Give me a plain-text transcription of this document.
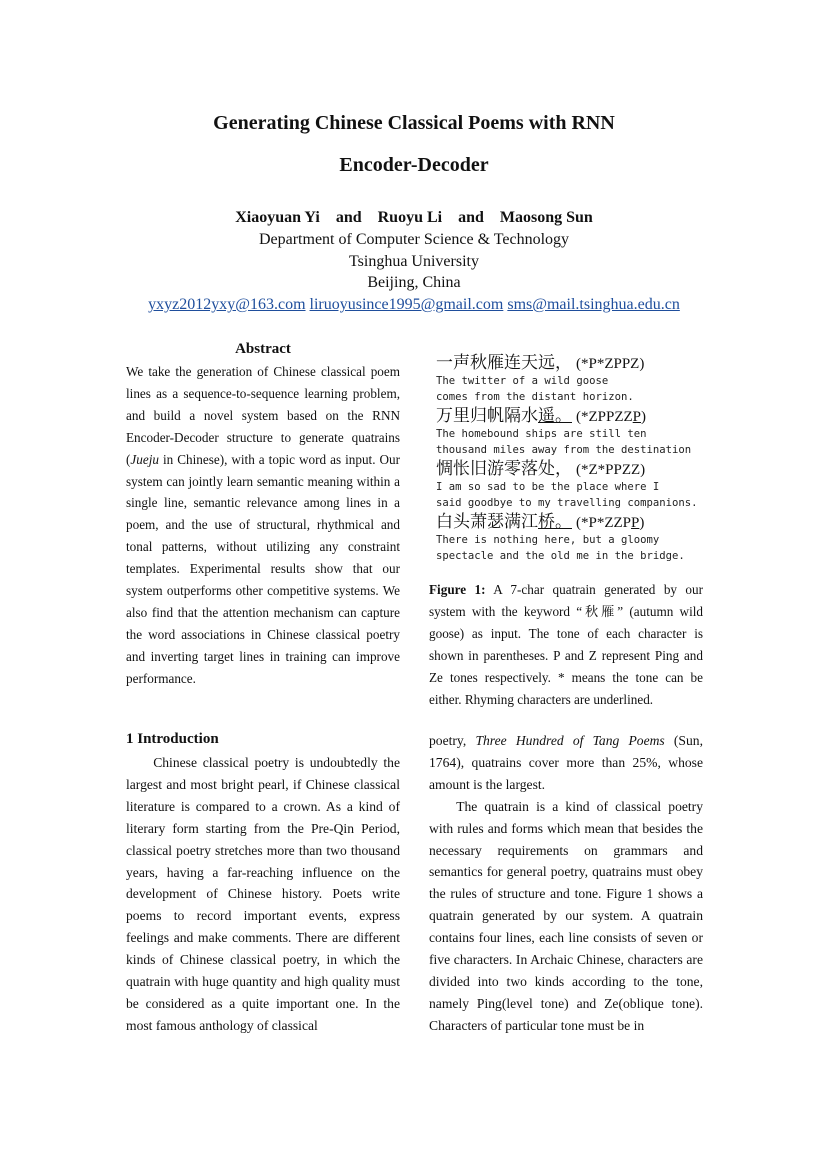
Generating Chinese Classical Poems with RNN
Encoder-Decoder
Xiaoyuan Yi and Ruoyu Li and Maosong Sun
Department of Computer Science & Technology
Tsinghua University
Beijing, China
yxyz2012yxy@163.com liruoyusince1995@gmail.com sms@mail.tsinghua.edu.cn
Abstract
We take the generation of Chinese classical poem lines as a sequence-to-sequence learning problem, and build a novel system based on the RNN Encoder-Decoder structure to generate quatrains (Jueju in Chinese), with a topic word as input. Our system can jointly learn semantic meaning within a single line, semantic relevance among lines in a poem, and the use of structural, rhythmical and tonal patterns, without utilizing any constraint templates. Experimental results show that our system outperforms other competitive systems. We also find that the attention mechanism can capture the word associations in Chinese classical poetry and inverting target lines in training can improve performance.
一声秋雁连天远， (*P*ZPPZ)
The twitter of a wild goose
comes from the distant horizon.
万里归帆隔水遥。 (*ZPPZZP)
The homebound ships are still ten
thousand miles away from the destination
惆怅旧游零落处， (*Z*PPZZ)
I am so sad to be the place where I
said goodbye to my travelling companions.
白头萧瑟满江桥。 (*P*ZZPP)
There is nothing here, but a gloomy
spectacle and the old me in the bridge.
Figure 1: A 7-char quatrain generated by our system with the keyword “秋雁” (autumn wild goose) as input. The tone of each character is shown in parentheses. P and Z represent Ping and Ze tones respectively. * means the tone can be either. Rhyming characters are underlined.
1 Introduction

Chinese classical poetry is undoubtedly the largest and most bright pearl, if Chinese classical literature is compared to a crown. As a kind of literary form starting from the Pre-Qin Period, classical poetry stretches more than two thousand years, having a far-reaching influence on the development of Chinese history. Poets write poems to record important events, express feelings and make comments. There are different kinds of Chinese classical poetry, in which the quatrain with huge quantity and high quality must be considered as a quite important one. In the most famous anthology of classical

poetry, Three Hundred of Tang Poems (Sun, 1764), quatrains cover more than 25%, whose amount is the largest.

The quatrain is a kind of classical poetry with rules and forms which mean that besides the necessary requirements on grammars and semantics for general poetry, quatrains must obey the rules of structure and tone. Figure 1 shows a quatrain generated by our system. A quatrain contains four lines, each line consists of seven or five characters. In Archaic Chinese, characters are divided into two kinds according to the tone, namely Ping(level tone) and Ze(oblique tone). Characters of particular tone must be in
